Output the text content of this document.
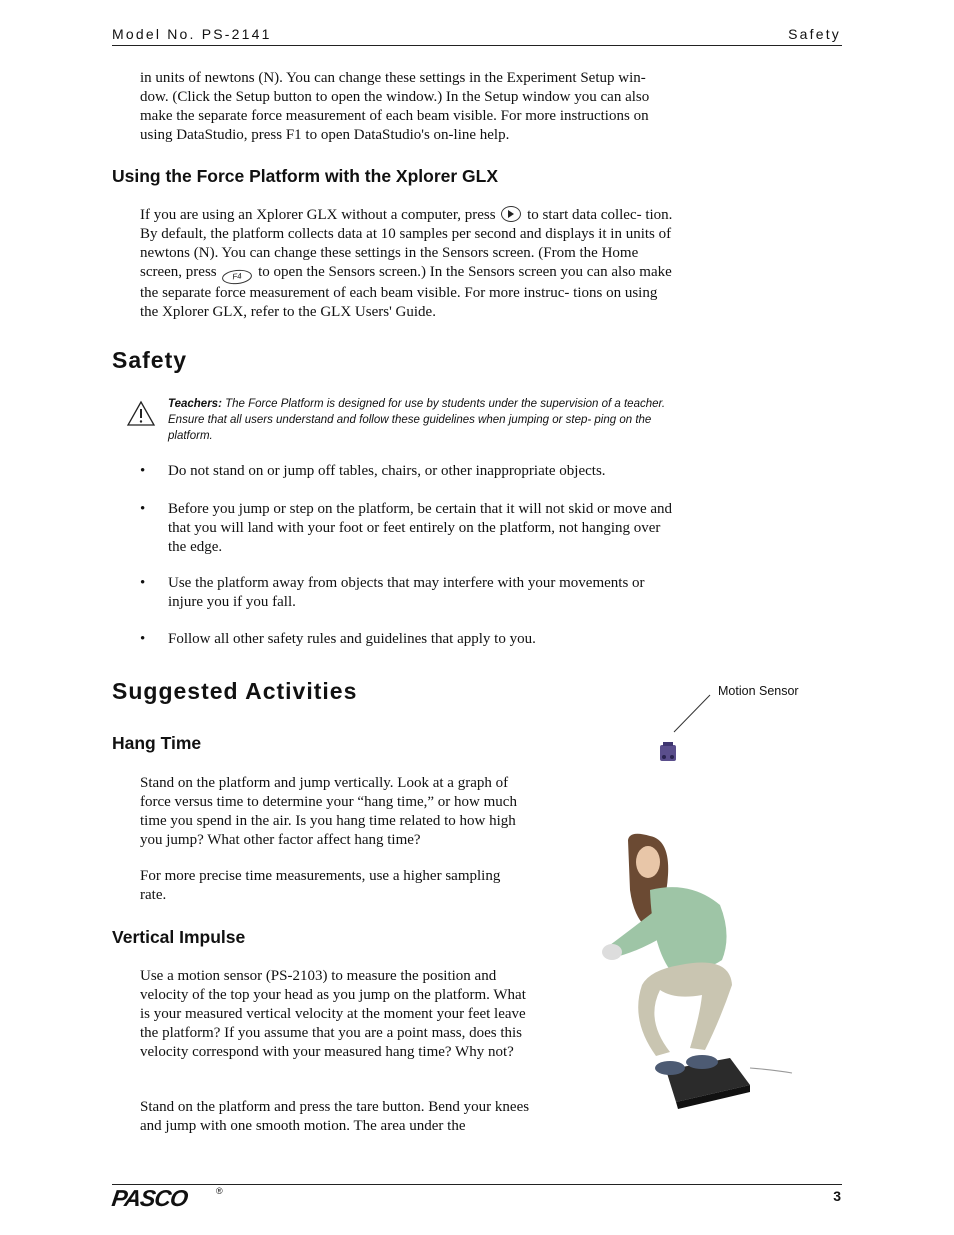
Model No. PS-2141	Safety
in units of newtons (N). You can change these settings in the Experiment Setup win- dow. (Click the Setup button to open the window.) In the Setup window you can also make the separate force measurement of each beam visible. For more instructions on using DataStudio, press F1 to open DataStudio's on-line help.
Using the Force Platform with the Xplorer GLX
If you are using an Xplorer GLX without a computer, press to start data collec- tion. By default, the platform collects data at 10 samples per second and displays it in units of newtons (N). You can change these settings in the Sensors screen. (From the Home screen, press F4 to open the Sensors screen.) In the Sensors screen you can also make the separate force measurement of each beam visible. For more instruc- tions on using the Xplorer GLX, refer to the GLX Users' Guide.
Safety
Teachers: The Force Platform is designed for use by students under the supervision of a teacher. Ensure that all users understand and follow these guidelines when jumping or step- ping on the platform.
• Do not stand on or jump off tables, chairs, or other inappropriate objects.
• Before you jump or step on the platform, be certain that it will not skid or move and that you will land with your foot or feet entirely on the platform, not hanging over the edge.
• Use the platform away from objects that may interfere with your movements or injure you if you fall.
• Follow all other safety rules and guidelines that apply to you.
Suggested Activities
Hang Time
Stand on the platform and jump vertically. Look at a graph of force versus time to determine your “hang time,” or how much time you spend in the air. Is you hang time related to how high you jump? What other factor affect hang time?
For more precise time measurements, use a higher sampling rate.
Vertical Impulse
Use a motion sensor (PS-2103) to measure the position and velocity of the top your head as you jump on the platform. What is your measured vertical velocity at the moment your feet leave the platform? If you assume that you are a point mass, does this velocity correspond with your measured hang time? Why not?
Stand on the platform and press the tare button. Bend your knees and jump with one smooth motion. The area under the
Motion Sensor
PASCO	®	3
